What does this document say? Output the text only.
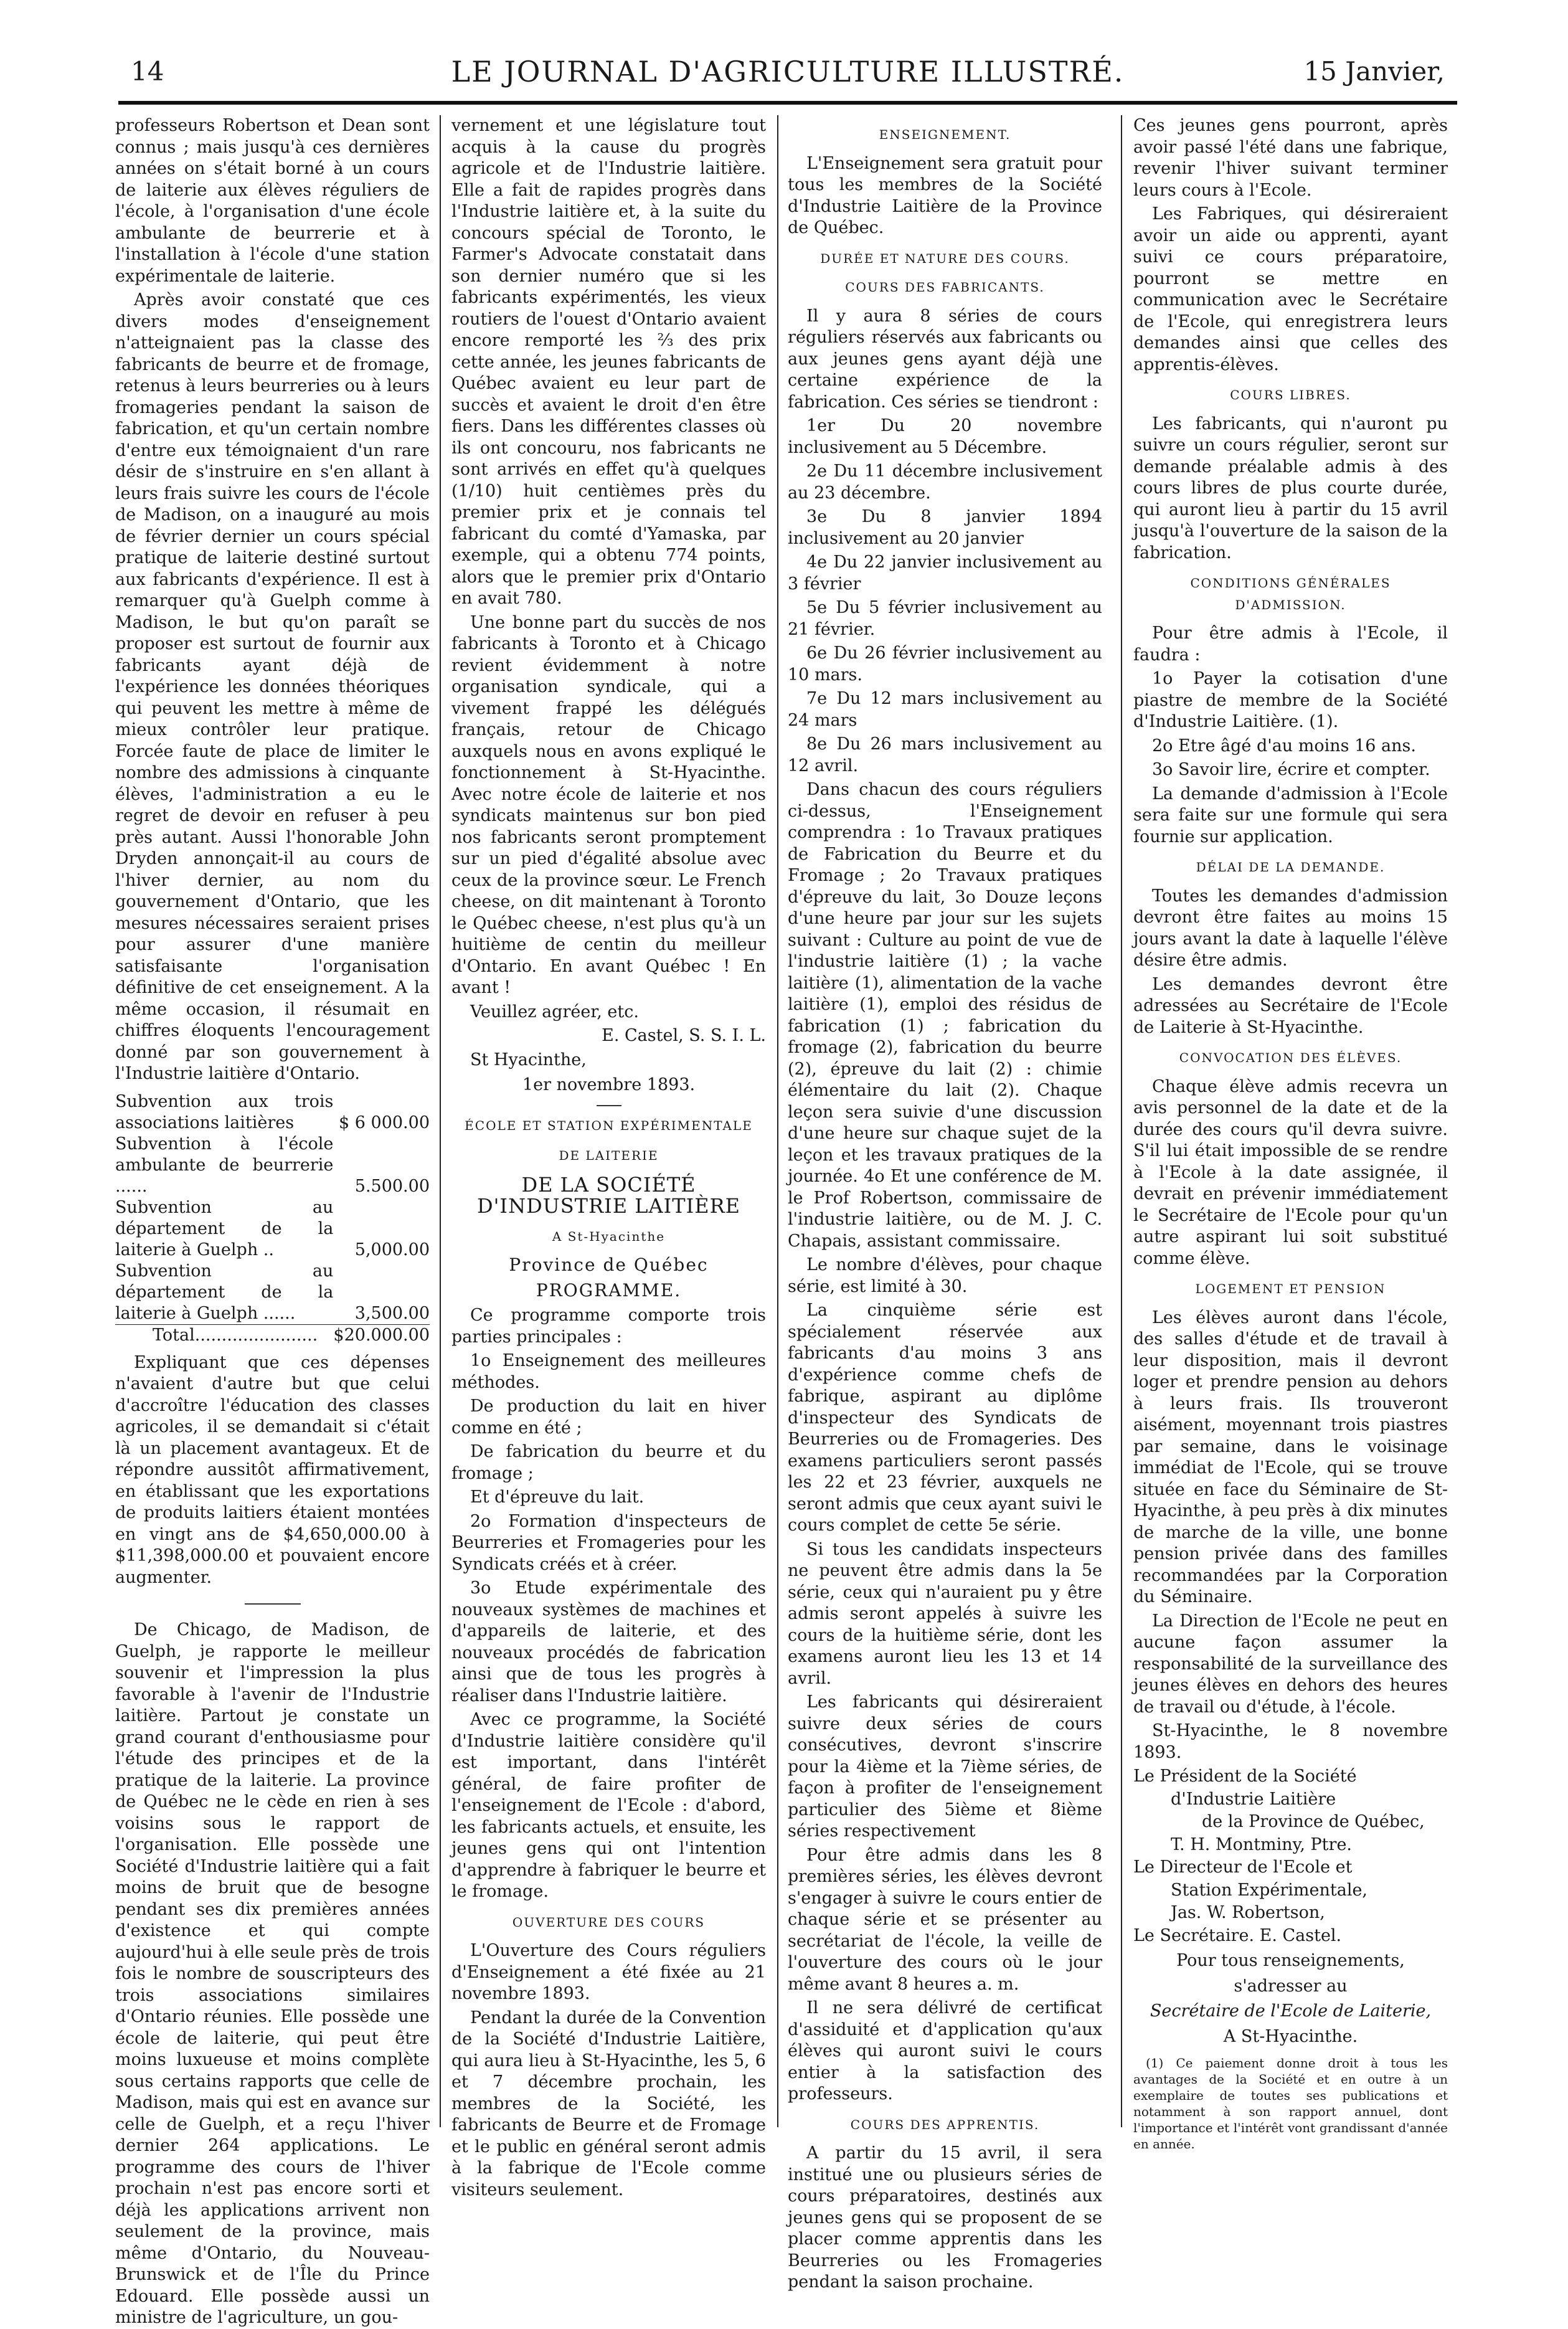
14	LE JOURNAL D'AGRICULTURE ILLUSTRÉ.	15 Janvier,

professeurs Robertson et Dean sont connus ; mais jusqu'à ces dernières années on s'était borné à un cours de laiterie aux élèves réguliers de l'école, à l'organisation d'une école ambulante de beurrerie et à l'installation à l'école d'une station expérimentale de laiterie.

Après avoir constaté que ces divers modes d'enseignement n'atteignaient pas la classe des fabricants de beurre et de fromage, retenus à leurs beurreries ou à leurs fromageries pendant la saison de fabrication, et qu'un certain nombre d'entre eux témoignaient d'un rare désir de s'instruire en s'en allant à leurs frais suivre les cours de l'école de Madison, on a inauguré au mois de février dernier un cours spécial pratique de laiterie destiné surtout aux fabricants d'expérience. Il est à remarquer qu'à Guelph comme à Madison, le but qu'on paraît se proposer est surtout de fournir aux fabricants ayant déjà de l'expérience les données théoriques qui peuvent les mettre à même de mieux contrôler leur pratique. Forcée faute de place de limiter le nombre des admissions à cinquante élèves, l'administration a eu le regret de devoir en refuser à peu près autant. Aussi l'honorable John Dryden annonçait-il au cours de l'hiver dernier, au nom du gouvernement d'Ontario, que les mesures nécessaires seraient prises pour assurer d'une manière satisfaisante l'organisation définitive de cet enseignement. A la même occasion, il résumait en chiffres éloquents l'encouragement donné par son gouvernement à l'Industrie laitière d'Ontario.

Subvention aux trois associations laitières	$ 6 000.00
Subvention à l'école ambulante de beurrerie ......	5.500.00
Subvention au département de la laiterie à Guelph ..	5,000.00
Subvention au département de la laiterie à Guelph ......	3,500.00
Total.......................	$20.000.00

Expliquant que ces dépenses n'avaient d'autre but que celui d'accroître l'éducation des classes agricoles, il se demandait si c'était là un placement avantageux. Et de répondre aussitôt affirmativement, en établissant que les exportations de produits laitiers étaient montées en vingt ans de $4,650,000.00 à $11,398,000.00 et pouvaient encore augmenter.

De Chicago, de Madison, de Guelph, je rapporte le meilleur souvenir et l'impression la plus favorable à l'avenir de l'Industrie laitière. Partout je constate un grand courant d'enthousiasme pour l'étude des principes et de la pratique de la laiterie. La province de Québec ne le cède en rien à ses voisins sous le rapport de l'organisation. Elle possède une Société d'Industrie laitière qui a fait moins de bruit que de besogne pendant ses dix premières années d'existence et qui compte aujourd'hui à elle seule près de trois fois le nombre de souscripteurs des trois associations similaires d'Ontario réunies. Elle possède une école de laiterie, qui peut être moins luxueuse et moins complète sous certains rapports que celle de Madison, mais qui est en avance sur celle de Guelph, et a reçu l'hiver dernier 264 applications. Le programme des cours de l'hiver prochain n'est pas encore sorti et déjà les applications arrivent non seulement de la province, mais même d'Ontario, du Nouveau-Brunswick et de l'Île du Prince Edouard. Elle possède aussi un ministre de l'agriculture, un gou-

vernement et une législature tout acquis à la cause du progrès agricole et de l'Industrie laitière. Elle a fait de rapides progrès dans l'Industrie laitière et, à la suite du concours spécial de Toronto, le Farmer's Advocate constatait dans son dernier numéro que si les fabricants expérimentés, les vieux routiers de l'ouest d'Ontario avaient encore remporté les ⅔ des prix cette année, les jeunes fabricants de Québec avaient eu leur part de succès et avaient le droit d'en être fiers. Dans les différentes classes où ils ont concouru, nos fabricants ne sont arrivés en effet qu'à quelques (1/10) huit centièmes près du premier prix et je connais tel fabricant du comté d'Yamaska, par exemple, qui a obtenu 774 points, alors que le premier prix d'Ontario en avait 780.

Une bonne part du succès de nos fabricants à Toronto et à Chicago revient évidemment à notre organisation syndicale, qui a vivement frappé les délégués français, retour de Chicago auxquels nous en avons expliqué le fonctionnement à St-Hyacinthe. Avec notre école de laiterie et nos syndicats maintenus sur bon pied nos fabricants seront promptement sur un pied d'égalité absolue avec ceux de la province sœur. Le French cheese, on dit maintenant à Toronto le Québec cheese, n'est plus qu'à un huitième de centin du meilleur d'Ontario. En avant Québec ! En avant !

Veuillez agréer, etc.

E. Castel, S. S. I. L.

St Hyacinthe,

1er novembre 1893.

ÉCOLE ET STATION EXPÉRIMENTALE
DE LAITERIE
DE LA SOCIÉTÉ D'INDUSTRIE LAITIÈRE
A St-Hyacinthe
Province de Québec
PROGRAMME.

Ce programme comporte trois parties principales :

1o Enseignement des meilleures méthodes.

De production du lait en hiver comme en été ;

De fabrication du beurre et du fromage ;

Et d'épreuve du lait.

2o Formation d'inspecteurs de Beurreries et Fromageries pour les Syndicats créés et à créer.

3o Etude expérimentale des nouveaux systèmes de machines et d'appareils de laiterie, et des nouveaux procédés de fabrication ainsi que de tous les progrès à réaliser dans l'Industrie laitière.

Avec ce programme, la Société d'Industrie laitière considère qu'il est important, dans l'intérêt général, de faire profiter de l'enseignement de l'Ecole : d'abord, les fabricants actuels, et ensuite, les jeunes gens qui ont l'intention d'apprendre à fabriquer le beurre et le fromage.

OUVERTURE DES COURS

L'Ouverture des Cours réguliers d'Enseignement a été fixée au 21 novembre 1893.

Pendant la durée de la Convention de la Société d'Industrie Laitière, qui aura lieu à St-Hyacinthe, les 5, 6 et 7 décembre prochain, les membres de la Société, les fabricants de Beurre et de Fromage et le public en général seront admis à la fabrique de l'Ecole comme visiteurs seulement.

ENSEIGNEMENT.

L'Enseignement sera gratuit pour tous les membres de la Société d'Industrie Laitière de la Province de Québec.

DURÉE ET NATURE DES COURS.
COURS DES FABRICANTS.

Il y aura 8 séries de cours réguliers réservés aux fabricants ou aux jeunes gens ayant déjà une certaine expérience de la fabrication. Ces séries se tiendront :

1er Du 20 novembre inclusivement au 5 Décembre.

2e Du 11 décembre inclusivement au 23 décembre.

3e Du 8 janvier 1894 inclusivement au 20 janvier

4e Du 22 janvier inclusivement au 3 février

5e Du 5 février inclusivement au 21 février.

6e Du 26 février inclusivement au 10 mars.

7e Du 12 mars inclusivement au 24 mars

8e Du 26 mars inclusivement au 12 avril.

Dans chacun des cours réguliers ci-dessus, l'Enseignement comprendra : 1o Travaux pratiques de Fabrication du Beurre et du Fromage ; 2o Travaux pratiques d'épreuve du lait, 3o Douze leçons d'une heure par jour sur les sujets suivant : Culture au point de vue de l'industrie laitière (1) ; la vache laitière (1), alimentation de la vache laitière (1), emploi des résidus de fabrication (1) ; fabrication du fromage (2), fabrication du beurre (2), épreuve du lait (2) : chimie élémentaire du lait (2). Chaque leçon sera suivie d'une discussion d'une heure sur chaque sujet de la leçon et les travaux pratiques de la journée. 4o Et une conférence de M. le Prof Robertson, commissaire de l'industrie laitière, ou de M. J. C. Chapais, assistant commissaire.

Le nombre d'élèves, pour chaque série, est limité à 30.

La cinquième série est spécialement réservée aux fabricants d'au moins 3 ans d'expérience comme chefs de fabrique, aspirant au diplôme d'inspecteur des Syndicats de Beurreries ou de Fromageries. Des examens particuliers seront passés les 22 et 23 février, auxquels ne seront admis que ceux ayant suivi le cours complet de cette 5e série.

Si tous les candidats inspecteurs ne peuvent être admis dans la 5e série, ceux qui n'auraient pu y être admis seront appelés à suivre les cours de la huitième série, dont les examens auront lieu les 13 et 14 avril.

Les fabricants qui désireraient suivre deux séries de cours consécutives, devront s'inscrire pour la 4ième et la 7ième séries, de façon à profiter de l'enseignement particulier des 5ième et 8ième séries respectivement

Pour être admis dans les 8 premières séries, les élèves devront s'engager à suivre le cours entier de chaque série et se présenter au secrétariat de l'école, la veille de l'ouverture des cours où le jour même avant 8 heures a. m.

Il ne sera délivré de certificat d'assiduité et d'application qu'aux élèves qui auront suivi le cours entier à la satisfaction des professeurs.

COURS DES APPRENTIS.

A partir du 15 avril, il sera institué une ou plusieurs séries de cours préparatoires, destinés aux jeunes gens qui se proposent de se placer comme apprentis dans les Beurreries ou les Fromageries pendant la saison prochaine.

Ces jeunes gens pourront, après avoir passé l'été dans une fabrique, revenir l'hiver suivant terminer leurs cours à l'Ecole.

Les Fabriques, qui désireraient avoir un aide ou apprenti, ayant suivi ce cours préparatoire, pourront se mettre en communication avec le Secrétaire de l'Ecole, qui enregistrera leurs demandes ainsi que celles des apprentis-élèves.

COURS LIBRES.

Les fabricants, qui n'auront pu suivre un cours régulier, seront sur demande préalable admis à des cours libres de plus courte durée, qui auront lieu à partir du 15 avril jusqu'à l'ouverture de la saison de la fabrication.

CONDITIONS GÉNÉRALES D'ADMISSION.

Pour être admis à l'Ecole, il faudra :

1o Payer la cotisation d'une piastre de membre de la Société d'Industrie Laitière. (1).

2o Etre âgé d'au moins 16 ans.

3o Savoir lire, écrire et compter.

La demande d'admission à l'Ecole sera faite sur une formule qui sera fournie sur application.

DÉLAI DE LA DEMANDE.

Toutes les demandes d'admission devront être faites au moins 15 jours avant la date à laquelle l'élève désire être admis.

Les demandes devront être adressées au Secrétaire de l'Ecole de Laiterie à St-Hyacinthe.

CONVOCATION DES ÉLÈVES.

Chaque élève admis recevra un avis personnel de la date et de la durée des cours qu'il devra suivre. S'il lui était impossible de se rendre à l'Ecole à la date assignée, il devrait en prévenir immédiatement le Secrétaire de l'Ecole pour qu'un autre aspirant lui soit substitué comme élève.

LOGEMENT ET PENSION

Les élèves auront dans l'école, des salles d'étude et de travail à leur disposition, mais il devront loger et prendre pension au dehors à leurs frais. Ils trouveront aisément, moyennant trois piastres par semaine, dans le voisinage immédiat de l'Ecole, qui se trouve située en face du Séminaire de St-Hyacinthe, à peu près à dix minutes de marche de la ville, une bonne pension privée dans des familles recommandées par la Corporation du Séminaire.

La Direction de l'Ecole ne peut en aucune façon assumer la responsabilité de la surveillance des jeunes élèves en dehors des heures de travail ou d'étude, à l'école.

St-Hyacinthe, le 8 novembre 1893.

Le Président de la Société

d'Industrie Laitière

de la Province de Québec,

T. H. Montminy, Ptre.

Le Directeur de l'Ecole et

Station Expérimentale,

Jas. W. Robertson,

Le Secrétaire. E. Castel.

Pour tous renseignements,

s'adresser au

Secrétaire de l'Ecole de Laiterie,

A St-Hyacinthe.

(1) Ce paiement donne droit à tous les avantages de la Société et en outre à un exemplaire de toutes ses publications et notamment à son rapport annuel, dont l'importance et l'intérêt vont grandissant d'année en année.
